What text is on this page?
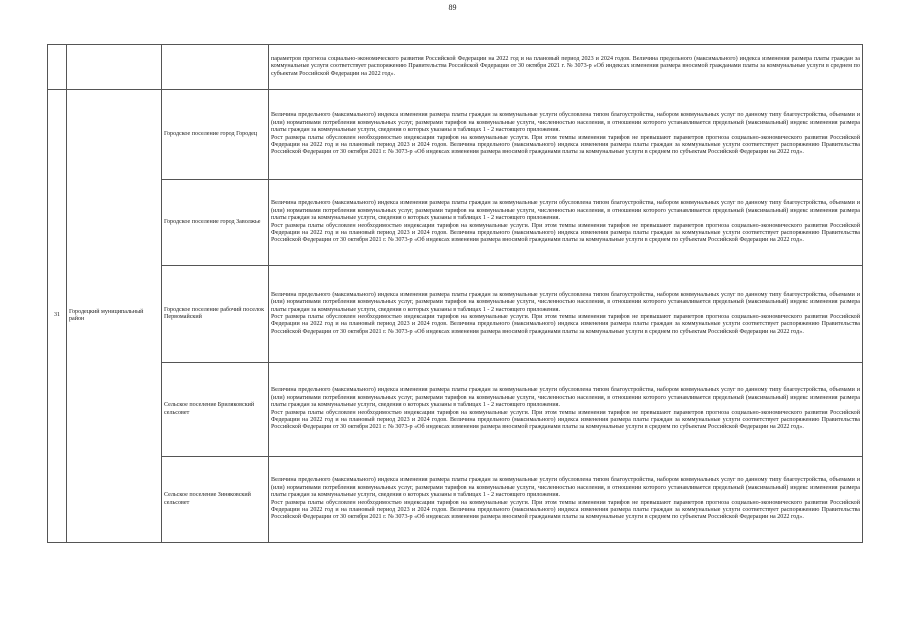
89

			параметров прогноза социально-экономического развития Российской Федерации на 2022 год и на плановый период 2023 и 2024 годов. Величина предельного (максимального) индекса изменения размера платы граждан за коммунальные услуги соответствует распоряжению Правительства Российской Федерации от 30 октября 2021 г. № 3073-р «Об индексах изменения размера вносимой гражданами платы за коммунальные услуги в среднем по субъектам Российской Федерации на 2022 год».

31	Городецкий муниципальный район	Городское поселение город Городец	Величина предельного (максимального) индекса изменения размера платы граждан за коммунальные услуги обусловлена типом благоустройства, набором коммунальных услуг по данному типу благоустройства, объемами и (или) нормативами потребления коммунальных услуг, размерами тарифов на коммунальные услуги, численностью населения, в отношении которого устанавливается предельный (максимальный) индекс изменения размера платы граждан за коммунальные услуги, сведения о которых указаны в таблицах 1 - 2 настоящего приложения.

Рост размера платы обусловлен необходимостью индексации тарифов на коммунальные услуги. При этом темпы изменения тарифов не превышают параметров прогноза социально-экономического развития Российской Федерации на 2022 год и на плановый период 2023 и 2024 годов. Величина предельного (максимального) индекса изменения размера платы граждан за коммунальные услуги соответствует распоряжению Правительства Российской Федерации от 30 октября 2021 г. № 3073-р «Об индексах изменения размера вносимой гражданами платы за коммунальные услуги в среднем по субъектам Российской Федерации на 2022 год».

		Городское поселение город Заволжье	Величина предельного (максимального) индекса изменения размера платы граждан за коммунальные услуги обусловлена типом благоустройства, набором коммунальных услуг по данному типу благоустройства, объемами и (или) нормативами потребления коммунальных услуг, размерами тарифов на коммунальные услуги, численностью населения, в отношении которого устанавливается предельный (максимальный) индекс изменения размера платы граждан за коммунальные услуги, сведения о которых указаны в таблицах 1 - 2 настоящего приложения.

Рост размера платы обусловлен необходимостью индексации тарифов на коммунальные услуги. При этом темпы изменения тарифов не превышают параметров прогноза социально-экономического развития Российской Федерации на 2022 год и на плановый период 2023 и 2024 годов. Величина предельного (максимального) индекса изменения размера платы граждан за коммунальные услуги соответствует распоряжению Правительства Российской Федерации от 30 октября 2021 г. № 3073-р «Об индексах изменения размера вносимой гражданами платы за коммунальные услуги в среднем по субъектам Российской Федерации на 2022 год».

		Городское поселение рабочий поселок Первомайский	Величина предельного (максимального) индекса изменения размера платы граждан за коммунальные услуги обусловлена типом благоустройства, набором коммунальных услуг по данному типу благоустройства, объемами и (или) нормативами потребления коммунальных услуг, размерами тарифов на коммунальные услуги, численностью населения, в отношении которого устанавливается предельный (максимальный) индекс изменения размера платы граждан за коммунальные услуги, сведения о которых указаны в таблицах 1 - 2 настоящего приложения.

Рост размера платы обусловлен необходимостью индексации тарифов на коммунальные услуги. При этом темпы изменения тарифов не превышают параметров прогноза социально-экономического развития Российской Федерации на 2022 год и на плановый период 2023 и 2024 годов. Величина предельного (максимального) индекса изменения размера платы граждан за коммунальные услуги соответствует распоряжению Правительства Российской Федерации от 30 октября 2021 г. № 3073-р «Об индексах изменения размера вносимой гражданами платы за коммунальные услуги в среднем по субъектам Российской Федерации на 2022 год».

		Сельское поселение Бриляковский сельсовет	Величина предельного (максимального) индекса изменения размера платы граждан за коммунальные услуги обусловлена типом благоустройства, набором коммунальных услуг по данному типу благоустройства, объемами и (или) нормативами потребления коммунальных услуг, размерами тарифов на коммунальные услуги, численностью населения, в отношении которого устанавливается предельный (максимальный) индекс изменения размера платы граждан за коммунальные услуги, сведения о которых указаны в таблицах 1 - 2 настоящего приложения.

Рост размера платы обусловлен необходимостью индексации тарифов на коммунальные услуги. При этом темпы изменения тарифов не превышают параметров прогноза социально-экономического развития Российской Федерации на 2022 год и на плановый период 2023 и 2024 годов. Величина предельного (максимального) индекса изменения размера платы граждан за коммунальные услуги соответствует распоряжению Правительства Российской Федерации от 30 октября 2021 г. № 3073-р «Об индексах изменения размера вносимой гражданами платы за коммунальные услуги в среднем по субъектам Российской Федерации на 2022 год».

		Сельское поселение Зиняковский сельсовет	Величина предельного (максимального) индекса изменения размера платы граждан за коммунальные услуги обусловлена типом благоустройства, набором коммунальных услуг по данному типу благоустройства, объемами и (или) нормативами потребления коммунальных услуг, размерами тарифов на коммунальные услуги, численностью населения, в отношении которого устанавливается предельный (максимальный) индекс изменения размера платы граждан за коммунальные услуги, сведения о которых указаны в таблицах 1 - 2 настоящего приложения.

Рост размера платы обусловлен необходимостью индексации тарифов на коммунальные услуги. При этом темпы изменения тарифов не превышают параметров прогноза социально-экономического развития Российской Федерации на 2022 год и на плановый период 2023 и 2024 годов. Величина предельного (максимального) индекса изменения размера платы граждан за коммунальные услуги соответствует распоряжению Правительства Российской Федерации от 30 октября 2021 г. № 3073-р «Об индексах изменения размера вносимой гражданами платы за коммунальные услуги в среднем по субъектам Российской Федерации на 2022 год».
